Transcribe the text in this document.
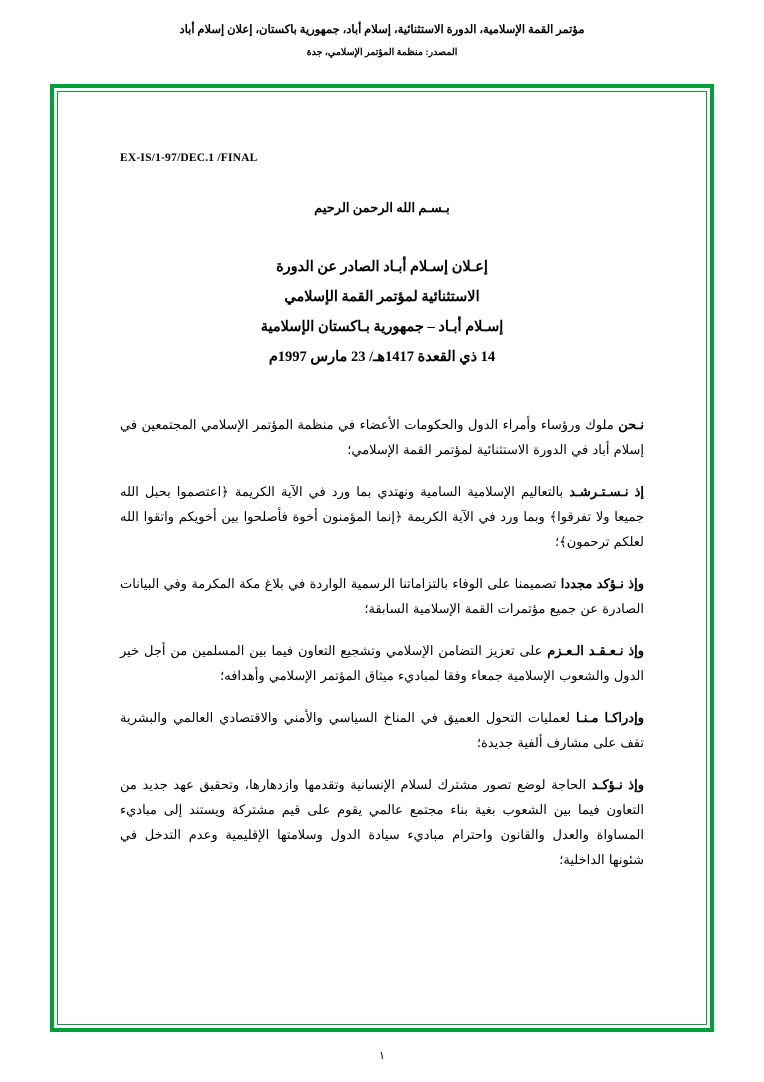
مؤتمر القمة الإسلامية، الدورة الاستثنائية، إسلام أباد، جمهورية باكستان، إعلان إسلام أباد
المصدر: منظمة المؤتمر الإسلامي، جدة
EX-IS/1-97/DEC.1 /FINAL
بـسـم الله الرحمن الرحيم
إعـلان إسـلام أبـاد الصادر عن الدورة
الاستثنائية لمؤتمر القمة الإسلامي
إسـلام أبـاد – جمهورية بـاكستان الإسلامية
14 ذي القعدة 1417هـ/ 23 مارس 1997م

نـحن ملوك ورؤساء وأمراء الدول والحكومات الأعضاء في منظمة المؤتمر الإسلامي المجتمعين في إسلام أباد في الدورة الاستثنائية لمؤتمر القمة الإسلامي؛

إذ نـسـتـرشـد بالتعاليم الإسلامية السامية ونهتدي بما ورد في الآية الكريمة ﴿اعتصموا بحبل الله جميعا ولا تفرقوا﴾ وبما ورد في الآية الكريمة ﴿إنما المؤمنون أخوة فأصلحوا بين أخويكم واتقوا الله لعلكم ترحمون﴾؛

وإذ نـؤكد مجددا تصميمنا على الوفاء بالتزاماتنا الرسمية الواردة في بلاغ مكة المكرمة وفي البيانات الصادرة عن جميع مؤتمرات القمة الإسلامية السابقة؛

وإذ نـعـقـد الـعـزم على تعزيز التضامن الإسلامي وتشجيع التعاون فيما بين المسلمين من أجل خير الدول والشعوب الإسلامية جمعاء وفقا لمباديء ميثاق المؤتمر الإسلامي وأهدافه؛

وإدراكـا مـنـا لعمليات التحول العميق في المناخ السياسي والأمني والاقتصادي العالمي والبشرية تقف على مشارف ألفية جديدة؛

وإذ نـؤكـد الحاجة لوضع تصور مشترك لسلام الإنسانية وتقدمها وازدهارها، وتحقيق عهد جديد من التعاون فيما بين الشعوب بغية بناء مجتمع عالمي يقوم على قيم مشتركة ويستند إلى مباديء المساواة والعدل والقانون واحترام مباديء سيادة الدول وسلامتها الإقليمية وعدم التدخل في شئونها الداخلية؛

١
